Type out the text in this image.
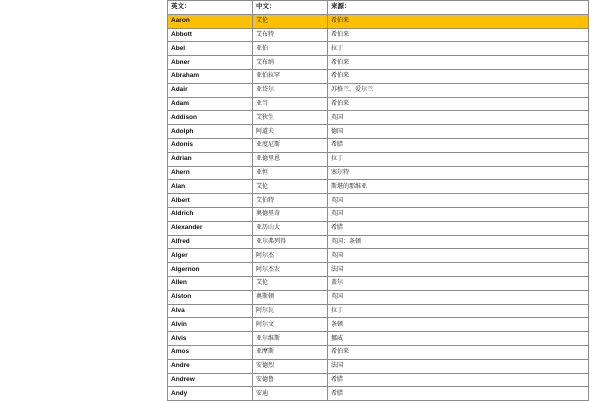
英文：	中文：	来源：
Aaron	艾伦	希伯来
Abbott	艾布特	希伯来
Abel	亚伯	拉丁
Abner	艾布纳	希伯来
Abraham	亚伯拉罕	希伯来
Adair	亚岱尔	苏格兰，爱尔兰
Adam	亚当	希伯来
Addison	艾狄生	英国
Adolph	阿道夫	德国
Adonis	亚度尼斯	希腊
Adrian	亚德里恩	拉丁
Ahern	亚恒	塞尔特
Alan	艾伦	斯堪的那维亚
Albert	艾伯特	英国
Aldrich	奥德里奇	英国
Alexander	亚历山大	希腊
Alfred	亚尔弗列得	英国；条顿
Alger	阿尔杰	英国
Algernon	阿尔杰农	法国
Allen	艾伦	盖尔
Alston	奥斯顿	英国
Alva	阿尔瓦	拉丁
Alvin	阿尔文	条顿
Alvis	亚尔维斯	挪威
Amos	亚摩斯	希伯来
Andre	安德烈	法国
Andrew	安德鲁	希腊
Andy	安迪	希腊
